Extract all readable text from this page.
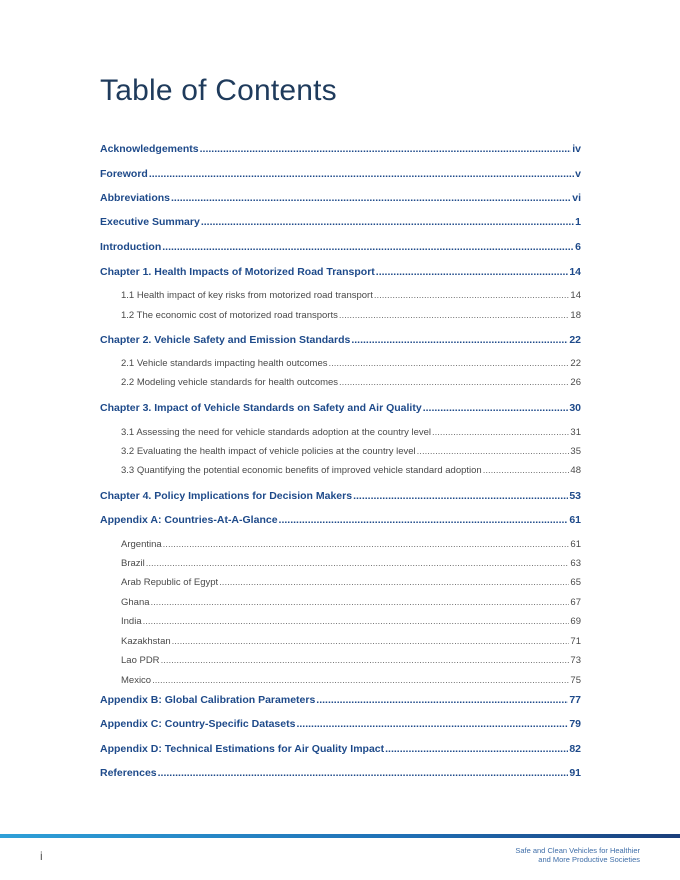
Table of Contents
Acknowledgements .....	iv
Foreword .....	v
Abbreviations .....	vi
Executive Summary .....	1
Introduction .....	6
Chapter 1. Health Impacts of Motorized Road Transport .....	14
1.1 Health impact of key risks from motorized road transport .....	14
1.2 The economic cost of motorized road transports .....	18
Chapter 2. Vehicle Safety and Emission Standards .....	22
2.1 Vehicle standards impacting health outcomes .....	22
2.2 Modeling vehicle standards for health outcomes .....	26
Chapter 3. Impact of Vehicle Standards on Safety and Air Quality .....	30
3.1 Assessing the need for vehicle standards adoption at the country level .....	31
3.2 Evaluating the health impact of vehicle policies at the country level .....	35
3.3 Quantifying the potential economic benefits of improved vehicle standard adoption .....	48
Chapter 4. Policy Implications for Decision Makers .....	53
Appendix A: Countries-At-A-Glance .....	61
Argentina .....	61
Brazil .....	63
Arab Republic of Egypt .....	65
Ghana .....	67
India .....	69
Kazakhstan .....	71
Lao PDR .....	73
Mexico .....	75
Appendix B: Global Calibration Parameters .....	77
Appendix C: Country-Specific Datasets .....	79
Appendix D: Technical Estimations for Air Quality Impact .....	82
References .....	91
i	Safe and Clean Vehicles for Healthier
and More Productive Societies
